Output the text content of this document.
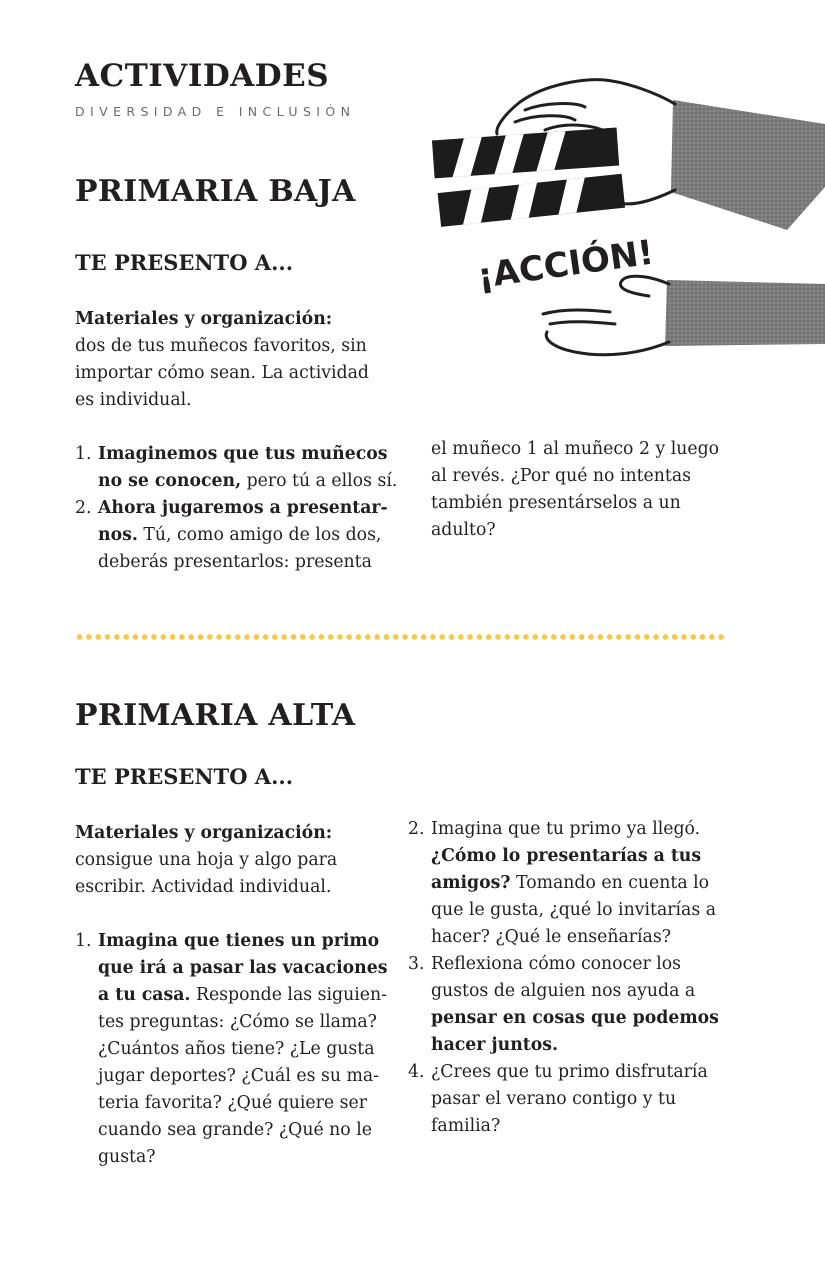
ACTIVIDADES

DIVERSIDAD E INCLUSIÓN

¡ACCIÓN!
PRIMARIA BAJA
TE PRESENTO A...

Materiales y organización:
dos de tus muñecos favoritos, sin
importar cómo sean. La actividad
es individual.

1. Imaginemos que tus muñecos
no se conocen, pero tú a ellos sí.
2. Ahora jugaremos a presentar-
nos. Tú, como amigo de los dos,
deberás presentarlos: presenta

el muñeco 1 al muñeco 2 y luego
al revés. ¿Por qué no intentas
también presentárselos a un
adulto?

PRIMARIA ALTA
TE PRESENTO A...

Materiales y organización:
consigue una hoja y algo para
escribir. Actividad individual.

1. Imagina que tienes un primo
que irá a pasar las vacaciones
a tu casa. Responde las siguien-
tes preguntas: ¿Cómo se llama?
¿Cuántos años tiene? ¿Le gusta
jugar deportes? ¿Cuál es su ma-
teria favorita? ¿Qué quiere ser
cuando sea grande? ¿Qué no le
gusta?
2. Imagina que tu primo ya llegó.
¿Cómo lo presentarías a tus
amigos? Tomando en cuenta lo
que le gusta, ¿qué lo invitarías a
hacer? ¿Qué le enseñarías?
3. Reflexiona cómo conocer los
gustos de alguien nos ayuda a
pensar en cosas que podemos
hacer juntos.
4. ¿Crees que tu primo disfrutaría
pasar el verano contigo y tu
familia?
